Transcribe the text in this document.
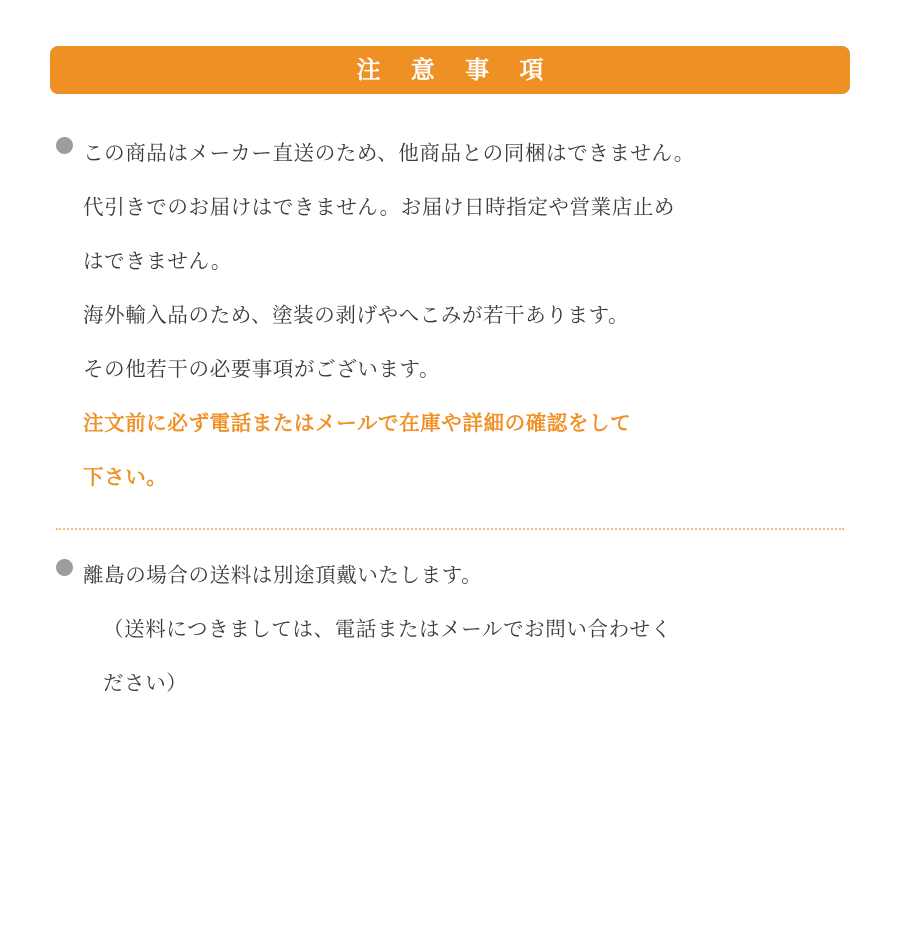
注 意 事 項

この商品はメーカー直送のため、他商品との同梱はできません。

代引きでのお届けはできません。お届け日時指定や営業店止め

はできません。

海外輸入品のため、塗装の剥げやへこみが若干あります。

その他若干の必要事項がございます。

注文前に必ず電話またはメールで在庫や詳細の確認をして

下さい。

離島の場合の送料は別途頂戴いたします。

（送料につきましては、電話またはメールでお問い合わせく

ださい）
